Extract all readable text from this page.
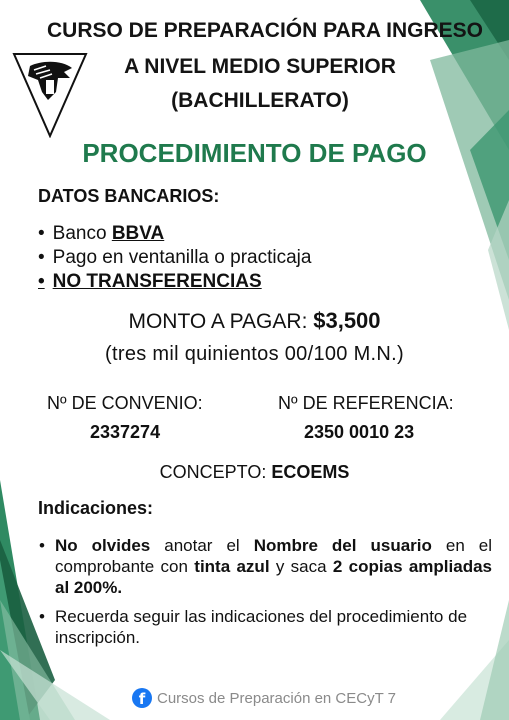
CURSO DE PREPARACIÓN PARA INGRESO
A NIVEL MEDIO SUPERIOR
(BACHILLERATO)
PROCEDIMIENTO DE PAGO
DATOS BANCARIOS:
• Banco BBVA
• Pago en ventanilla o practicaja
• NO TRANSFERENCIAS
MONTO A PAGAR: $3,500
(tres mil quinientos 00/100 M.N.)
Nº DE CONVENIO:
2337274
Nº DE REFERENCIA:
2350 0010 23
CONCEPTO: ECOEMS
Indicaciones:
• No olvides anotar el Nombre del usuario en el comprobante con tinta azul y saca 2 copias ampliadas al 200%.
• Recuerda seguir las indicaciones del procedimiento de inscripción.
f Cursos de Preparación en CECyT 7
